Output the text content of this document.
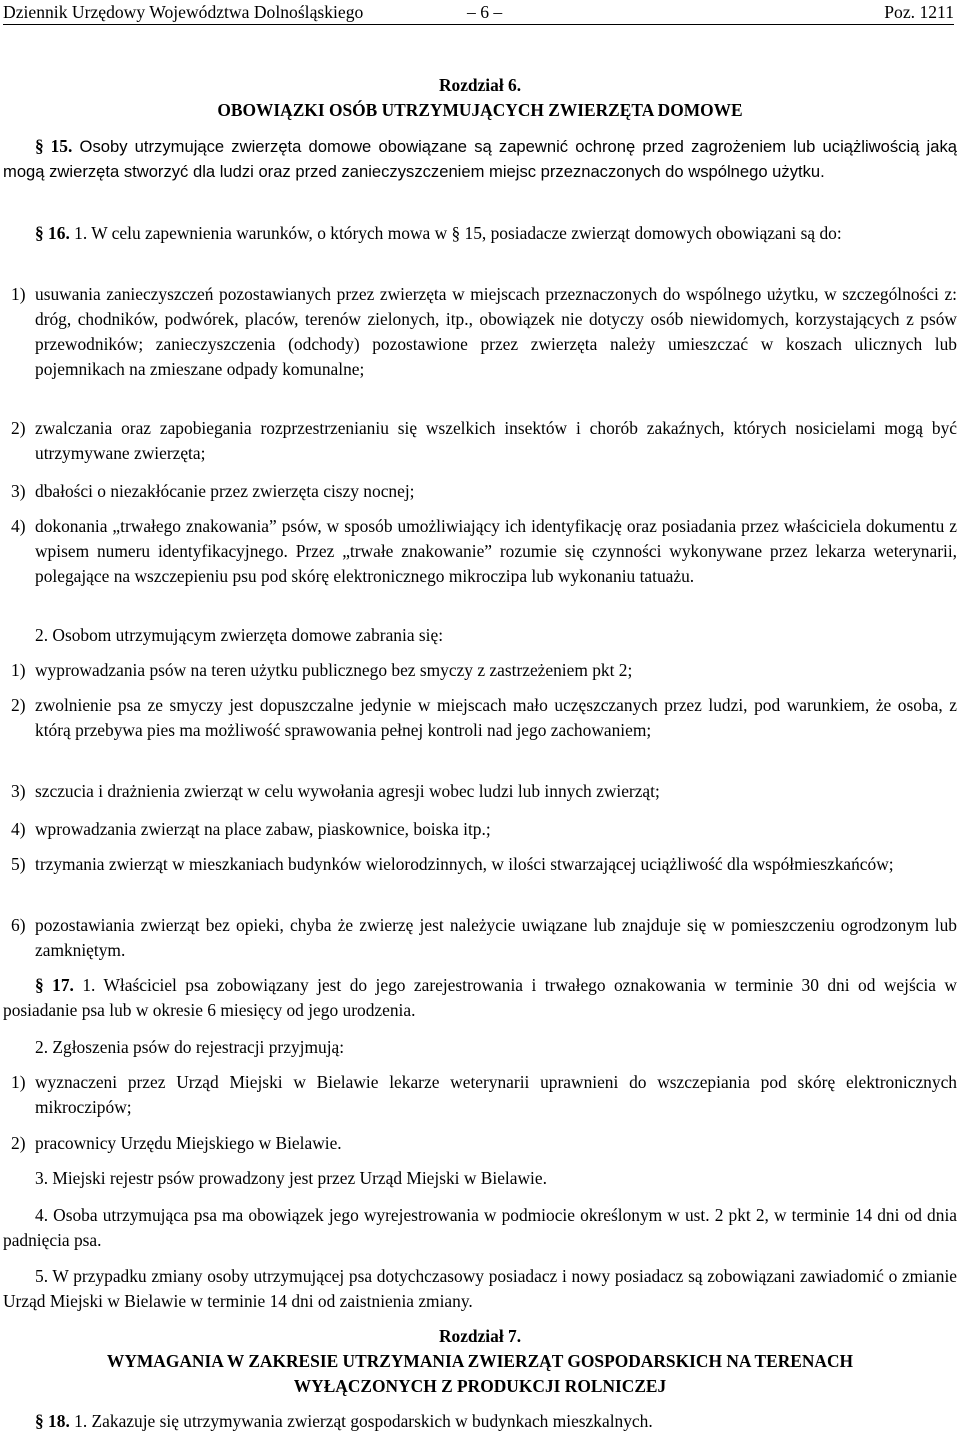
Dziennik Urzędowy Województwa Dolnośląskiego	– 6 –	Poz. 1211
Rozdział 6.
OBOWIĄZKI OSÓB UTRZYMUJĄCYCH ZWIERZĘTA DOMOWE
§ 15. Osoby utrzymujące zwierzęta domowe obowiązane są zapewnić ochronę przed zagrożeniem lub uciążliwością jaką mogą zwierzęta stworzyć dla ludzi oraz przed zanieczyszczeniem miejsc przeznaczonych do wspólnego użytku.
§ 16. 1. W celu zapewnienia warunków, o których mowa w § 15, posiadacze zwierząt domowych obowiązani są do:
1) usuwania zanieczyszczeń pozostawianych przez zwierzęta w miejscach przeznaczonych do wspólnego użytku, w szczególności z: dróg, chodników, podwórek, placów, terenów zielonych, itp., obowiązek nie dotyczy osób niewidomych, korzystających z psów przewodników; zanieczyszczenia (odchody) pozostawione przez zwierzęta należy umieszczać w koszach ulicznych lub pojemnikach na zmieszane odpady komunalne;
2) zwalczania oraz zapobiegania rozprzestrzenianiu się wszelkich insektów i chorób zakaźnych, których nosicielami mogą być utrzymywane zwierzęta;
3) dbałości o niezakłócanie przez zwierzęta ciszy nocnej;
4) dokonania „trwałego znakowania” psów, w sposób umożliwiający ich identyfikację oraz posiadania przez właściciela dokumentu z wpisem numeru identyfikacyjnego. Przez „trwałe znakowanie” rozumie się czynności wykonywane przez lekarza weterynarii, polegające na wszczepieniu psu pod skórę elektronicznego mikroczipa lub wykonaniu tatuażu.
2. Osobom utrzymującym zwierzęta domowe zabrania się:
1) wyprowadzania psów na teren użytku publicznego bez smyczy z zastrzeżeniem pkt 2;
2) zwolnienie psa ze smyczy jest dopuszczalne jedynie w miejscach mało uczęszczanych przez ludzi, pod warunkiem, że osoba, z którą przebywa pies ma możliwość sprawowania pełnej kontroli nad jego zachowaniem;
3) szczucia i drażnienia zwierząt w celu wywołania agresji wobec ludzi lub innych zwierząt;
4) wprowadzania zwierząt na place zabaw, piaskownice, boiska itp.;
5) trzymania zwierząt w mieszkaniach budynków wielorodzinnych, w ilości stwarzającej uciążliwość dla współmieszkańców;
6) pozostawiania zwierząt bez opieki, chyba że zwierzę jest należycie uwiązane lub znajduje się w pomieszczeniu ogrodzonym lub zamkniętym.
§ 17. 1. Właściciel psa zobowiązany jest do jego zarejestrowania i trwałego oznakowania w terminie 30 dni od wejścia w posiadanie psa lub w okresie 6 miesięcy od jego urodzenia.
2. Zgłoszenia psów do rejestracji przyjmują:
1) wyznaczeni przez Urząd Miejski w Bielawie lekarze weterynarii uprawnieni do wszczepiania pod skórę elektronicznych mikroczipów;
2) pracownicy Urzędu Miejskiego w Bielawie.
3. Miejski rejestr psów prowadzony jest przez Urząd Miejski w Bielawie.
4. Osoba utrzymująca psa ma obowiązek jego wyrejestrowania w podmiocie określonym w ust. 2 pkt 2, w terminie 14 dni od dnia padnięcia psa.
5. W przypadku zmiany osoby utrzymującej psa dotychczasowy posiadacz i nowy posiadacz są zobowiązani zawiadomić o zmianie Urząd Miejski w Bielawie w terminie 14 dni od zaistnienia zmiany.
Rozdział 7.
WYMAGANIA W ZAKRESIE UTRZYMANIA ZWIERZĄT GOSPODARSKICH NA TERENACH
WYŁĄCZONYCH Z PRODUKCJI ROLNICZEJ
§ 18. 1. Zakazuje się utrzymywania zwierząt gospodarskich w budynkach mieszkalnych.
